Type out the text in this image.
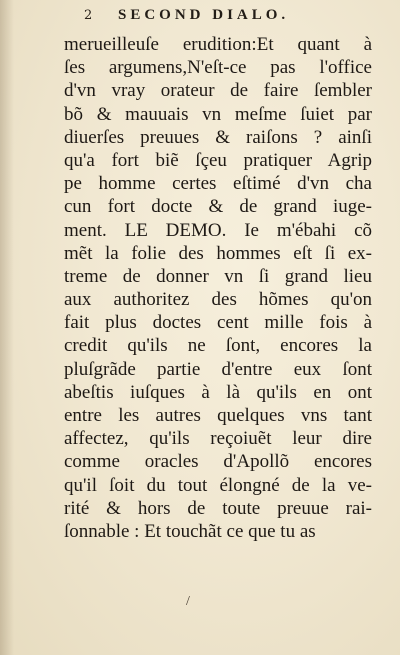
2 SECOND DIALO.
merueilleuſe erudition:Et quant à
ſes argumens,N'eſt-ce pas l'office
d'vn vray orateur de faire ſembler
bõ & mauuais vn meſme ſuiet par
diuerſes preuues & raiſons ? ainſi
qu'a fort biẽ ſçeu pratiquer Agrip
pe homme certes eſtimé d'vn cha
cun fort docte & de grand iuge-
ment. LE DEMO. Ie m'ébahi cõ
mẽt la folie des hommes eſt ſi ex-
treme de donner vn ſi grand lieu
aux authoritez des hõmes qu'on
fait plus doctes cent mille fois à
credit qu'ils ne ſont, encores la
pluſgrãde partie d'entre eux ſont
abeſtis iuſques à là qu'ils en ont
entre les autres quelques vns tant
affectez, qu'ils reçoiuẽt leur dire
comme oracles d'Apollõ encores
qu'il ſoit du tout élongné de la ve-
rité & hors de toute preuue rai-
ſonnable : Et touchãt ce que tu as
/
